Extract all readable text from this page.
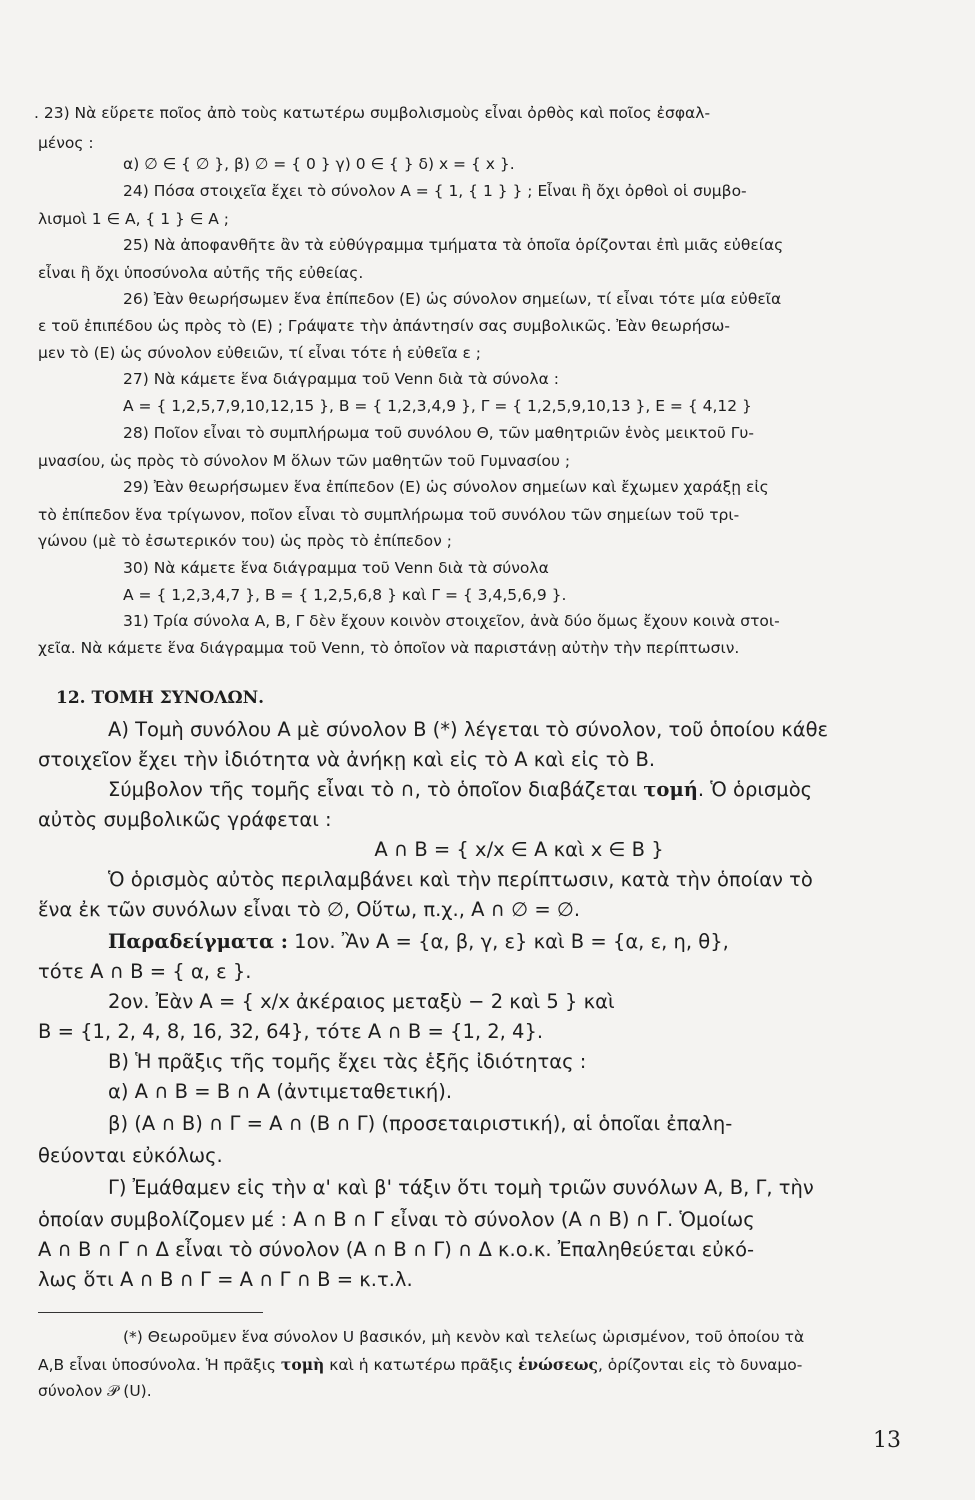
. 23) Νὰ εὕρετε ποῖος ἀπὸ τοὺς κατωτέρω συμβολισμοὺς εἶναι ὀρθὸς καὶ ποῖος ἐσφαλ-
μένος :
α) ∅ ∈ { ∅ }, β) ∅ = { 0 } γ) 0 ∈ { } δ) x = { x }.
24) Πόσα στοιχεῖα ἔχει τὸ σύνολον A = { 1, { 1 } } ; Εἶναι ἢ ὄχι ὀρθοὶ οἱ συμβο-
λισμοὶ 1 ∈ A, { 1 } ∈ A ;
25) Νὰ ἀποφανθῆτε ἂν τὰ εὐθύγραμμα τμήματα τὰ ὁποῖα ὁρίζονται ἐπὶ μιᾶς εὐθείας
εἶναι ἢ ὄχι ὑποσύνολα αὐτῆς τῆς εὐθείας.
26) Ἐὰν θεωρήσωμεν ἕνα ἐπίπεδον (Ε) ὡς σύνολον σημείων, τί εἶναι τότε μία εὐθεῖα
ε τοῦ ἐπιπέδου ὡς πρὸς τὸ (Ε) ; Γράψατε τὴν ἀπάντησίν σας συμβολικῶς. Ἐὰν θεωρήσω-
μεν τὸ (Ε) ὡς σύνολον εὐθειῶν, τί εἶναι τότε ἡ εὐθεῖα ε ;
27) Νὰ κάμετε ἕνα διάγραμμα τοῦ Venn διὰ τὰ σύνολα :
A = { 1,2,5,7,9,10,12,15 }, B = { 1,2,3,4,9 }, Γ = { 1,2,5,9,10,13 }, E = { 4,12 }
28) Ποῖον εἶναι τὸ συμπλήρωμα τοῦ συνόλου Θ, τῶν μαθητριῶν ἑνὸς μεικτοῦ Γυ-
μνασίου, ὡς πρὸς τὸ σύνολον Μ ὅλων τῶν μαθητῶν τοῦ Γυμνασίου ;
29) Ἐὰν θεωρήσωμεν ἕνα ἐπίπεδον (Ε) ὡς σύνολον σημείων καὶ ἔχωμεν χαράξῃ εἰς
τὸ ἐπίπεδον ἕνα τρίγωνον, ποῖον εἶναι τὸ συμπλήρωμα τοῦ συνόλου τῶν σημείων τοῦ τρι-
γώνου (μὲ τὸ ἐσωτερικόν του) ὡς πρὸς τὸ ἐπίπεδον ;
30) Νὰ κάμετε ἕνα διάγραμμα τοῦ Venn διὰ τὰ σύνολα
A = { 1,2,3,4,7 }, B = { 1,2,5,6,8 } καὶ Γ = { 3,4,5,6,9 }.
31) Τρία σύνολα A, B, Γ δὲν ἔχουν κοινὸν στοιχεῖον, ἀνὰ δύο ὅμως ἔχουν κοινὰ στοι-
χεῖα. Νὰ κάμετε ἕνα διάγραμμα τοῦ Venn, τὸ ὁποῖον νὰ παριστάνῃ αὐτὴν τὴν περίπτωσιν.
12. ΤΟΜΗ ΣΥΝΟΛΩΝ.
A) Τομὴ συνόλου A μὲ σύνολον B (*) λέγεται τὸ σύνολον, τοῦ ὁποίου κάθε
στοιχεῖον ἔχει τὴν ἰδιότητα νὰ ἀνήκῃ καὶ εἰς τὸ A καὶ εἰς τὸ B.
Σύμβολον τῆς τομῆς εἶναι τὸ ∩, τὸ ὁποῖον διαβάζεται τομή. Ὁ ὁρισμὸς
αὐτὸς συμβολικῶς γράφεται :
A ∩ B = { x/x ∈ A καὶ x ∈ B }
Ὁ ὁρισμὸς αὐτὸς περιλαμβάνει καὶ τὴν περίπτωσιν, κατὰ τὴν ὁποίαν τὸ
ἕνα ἐκ τῶν συνόλων εἶναι τὸ ∅, Οὕτω, π.χ., A ∩ ∅ = ∅.
Παραδείγματα : 1ον. Ἂν A = {α, β, γ, ε} καὶ B = {α, ε, η, θ},
τότε A ∩ B = { α, ε }.
2ον. Ἐὰν A = { x/x ἀκέραιος μεταξὺ − 2 καὶ 5 } καὶ
B = {1, 2, 4, 8, 16, 32, 64}, τότε A ∩ B = {1, 2, 4}.
B) Ἡ πρᾶξις τῆς τομῆς ἔχει τὰς ἑξῆς ἰδιότητας :
α) A ∩ B = B ∩ A (ἀντιμεταθετική).
β) (A ∩ B) ∩ Γ = A ∩ (B ∩ Γ) (προσεταιριστική), αἱ ὁποῖαι ἐπαλη-
θεύονται εὐκόλως.
Γ) Ἐμάθαμεν εἰς τὴν α' καὶ β' τάξιν ὅτι τομὴ τριῶν συνόλων A, B, Γ, τὴν
ὁποίαν συμβολίζομεν μέ : A ∩ B ∩ Γ εἶναι τὸ σύνολον (A ∩ B) ∩ Γ. Ὁμοίως
A ∩ B ∩ Γ ∩ Δ εἶναι τὸ σύνολον (A ∩ B ∩ Γ) ∩ Δ κ.ο.κ. Ἐπαληθεύεται εὐκό-
λως ὅτι A ∩ B ∩ Γ = A ∩ Γ ∩ B = κ.τ.λ.
(*) Θεωροῦμεν ἕνα σύνολον U βασικόν, μὴ κενὸν καὶ τελείως ὡρισμένον, τοῦ ὁποίου τὰ
A,B εἶναι ὑποσύνολα. Ἡ πρᾶξις τομὴ καὶ ἡ κατωτέρω πρᾶξις ἑνώσεως, ὁρίζονται εἰς τὸ δυναμο-
σύνολον 𝒫 (U).
13
